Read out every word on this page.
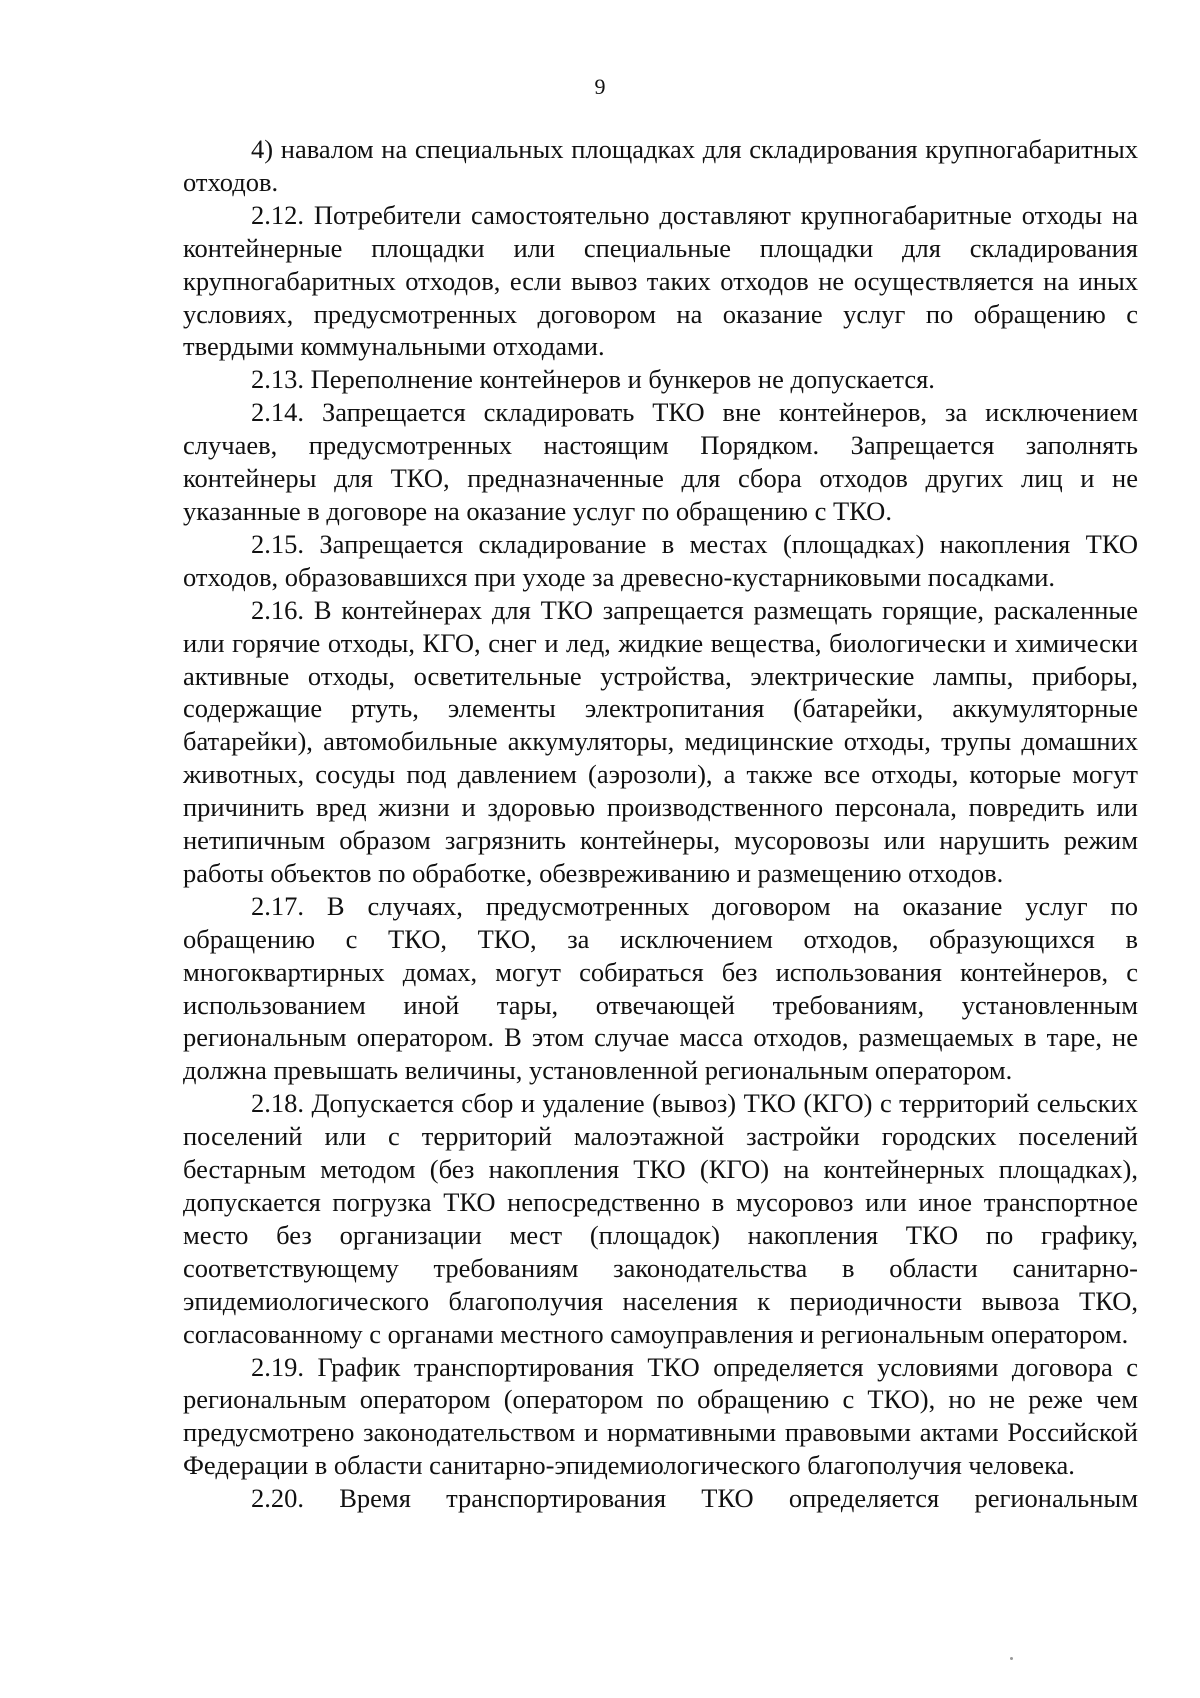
9

4) навалом на специальных площадках для складирования крупногабаритных отходов.

2.12. Потребители самостоятельно доставляют крупногабаритные отходы на контейнерные площадки или специальные площадки для складирования крупногабаритных отходов, если вывоз таких отходов не осуществляется на иных условиях, предусмотренных договором на оказание услуг по обращению с твердыми коммунальными отходами.

2.13. Переполнение контейнеров и бункеров не допускается.

2.14. Запрещается складировать ТКО вне контейнеров, за исключением случаев, предусмотренных настоящим Порядком. Запрещается заполнять контейнеры для ТКО, предназначенные для сбора отходов других лиц и не указанные в договоре на оказание услуг по обращению с ТКО.

2.15. Запрещается складирование в местах (площадках) накопления ТКО отходов, образовавшихся при уходе за древесно-кустарниковыми посадками.

2.16. В контейнерах для ТКО запрещается размещать горящие, раскаленные или горячие отходы, КГО, снег и лед, жидкие вещества, биологически и химически активные отходы, осветительные устройства, электрические лампы, приборы, содержащие ртуть, элементы электропитания (батарейки, аккумуляторные батарейки), автомобильные аккумуляторы, медицинские отходы, трупы домашних животных, сосуды под давлением (аэрозоли), а также все отходы, которые могут причинить вред жизни и здоровью производственного персонала, повредить или нетипичным образом загрязнить контейнеры, мусоровозы или нарушить режим работы объектов по обработке, обезвреживанию и размещению отходов.

2.17. В случаях, предусмотренных договором на оказание услуг по обращению с ТКО, ТКО, за исключением отходов, образующихся в многоквартирных домах, могут собираться без использования контейнеров, с использованием иной тары, отвечающей требованиям, установленным региональным оператором. В этом случае масса отходов, размещаемых в таре, не должна превышать величины, установленной региональным оператором.

2.18. Допускается сбор и удаление (вывоз) ТКО (КГО) с территорий сельских поселений или с территорий малоэтажной застройки городских поселений бестарным методом (без накопления ТКО (КГО) на контейнерных площадках), допускается погрузка ТКО непосредственно в мусоровоз или иное транспортное место без организации мест (площадок) накопления ТКО по графику, соответствующему требованиям законодательства в области санитарно-эпидемиологического благополучия населения к периодичности вывоза ТКО, согласованному с органами местного самоуправления и региональным оператором.

2.19. График транспортирования ТКО определяется условиями договора с региональным оператором (оператором по обращению с ТКО), но не реже чем предусмотрено законодательством и нормативными правовыми актами Российской Федерации в области санитарно-эпидемиологического благополучия человека.

2.20. Время транспортирования ТКО определяется региональным
